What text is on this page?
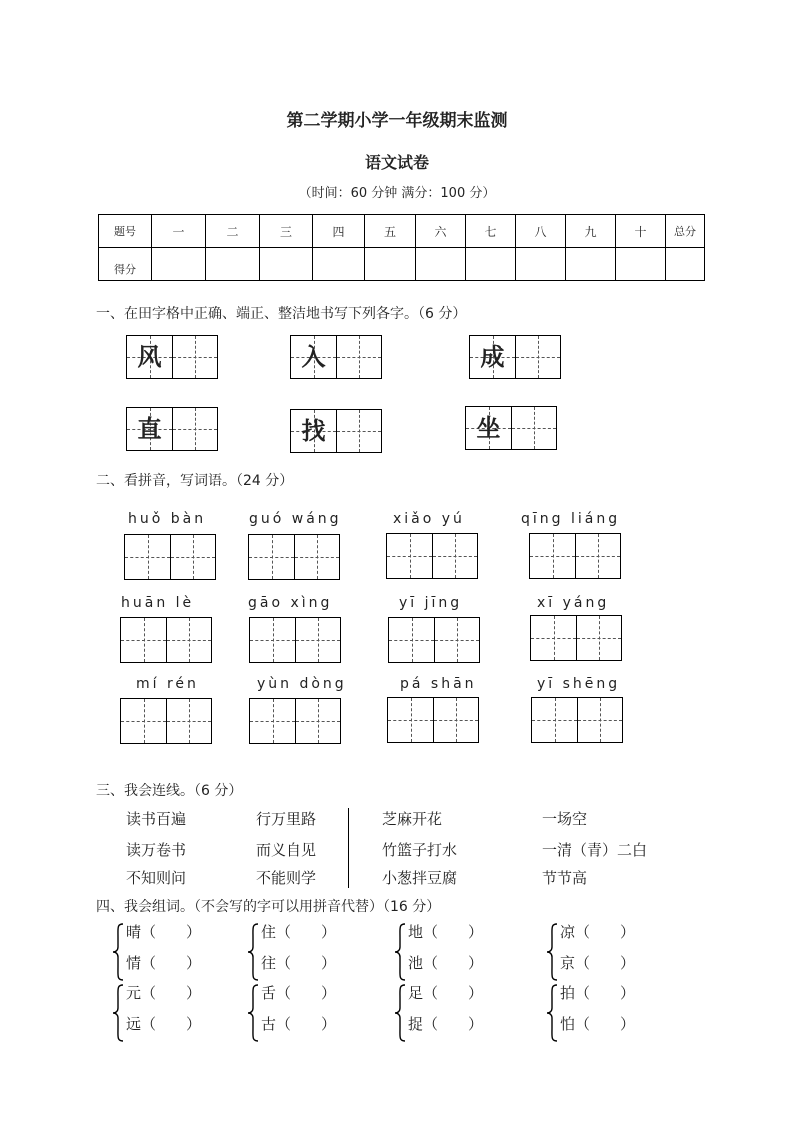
第二学期小学一年级期末监测
语文试卷
（时间：60 分钟 满分：100 分）
题号	一	二	三	四	五	六	七	八	九	十	总分
得分											
一、在田字格中正确、端正、整洁地书写下列各字。（6 分）
风	入	成
直	找	坐
二、看拼音，写词语。（24 分）
huǒ bàn	guó wáng	xiǎo yú	qīng liáng
huān lè	gāo xìng	yī jīng	xī yáng
mí rén	yùn dòng	pá shān	yī shēng
三、我会连线。（6 分）
读书百遍	行万里路
读万卷书	而义自见
不知则问	不能则学
芝麻开花	一场空
竹篮子打水	一清（青）二白
小葱拌豆腐	节节高
四、我会组词。（不会写的字可以用拼音代替）（16 分）
晴（　　）
情（　　）
住（　　）
往（　　）
地（　　）
池（　　）
凉（　　）
京（　　）
元（　　）
远（　　）
舌（　　）
古（　　）
足（　　）
捉（　　）
拍（　　）
怕（　　）
